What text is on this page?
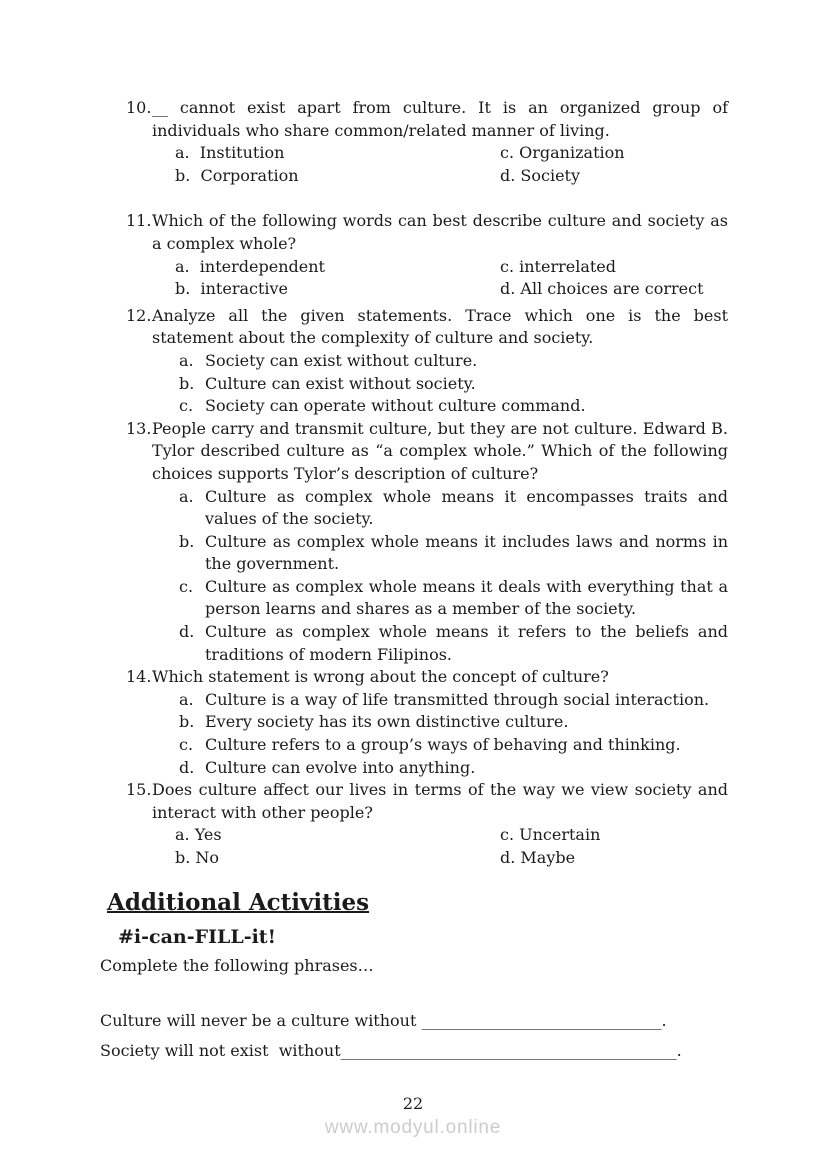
10. __ cannot exist apart from culture. It is an organized group of individuals who share common/related manner of living.

a.  Institution	c. Organization
b.  Corporation	d. Society
11. Which of the following words can best describe culture and society as a complex whole?

a.  interdependent	c. interrelated
b.  interactive	d. All choices are correct
12. Analyze all the given statements. Trace which one is the best statement about the complexity of culture and society.

a. Society can exist without culture.

b. Culture can exist without society.

c. Society can operate without culture command.

13. People carry and transmit culture, but they are not culture. Edward B. Tylor described culture as “a complex whole.” Which of the following choices supports Tylor’s description of culture?

a. Culture as complex whole means it encompasses traits and values of the society.

b. Culture as complex whole means it includes laws and norms in the government.

c. Culture as complex whole means it deals with everything that a person learns and shares as a member of the society.

d. Culture as complex whole means it refers to the beliefs and traditions of modern Filipinos.

14. Which statement is wrong about the concept of culture?

a. Culture is a way of life transmitted through social interaction.

b. Every society has its own distinctive culture.

c. Culture refers to a group’s ways of behaving and thinking.

d. Culture can evolve into anything.

15. Does culture affect our lives in terms of the way we view society and interact with other people?

a. Yes	c. Uncertain
b. No	d. Maybe
Additional Activities
#i-can-FILL-it!

Complete the following phrases…

Culture will never be a culture without ______________________________.

Society will not exist  without__________________________________________.

22
www.modyul.online
